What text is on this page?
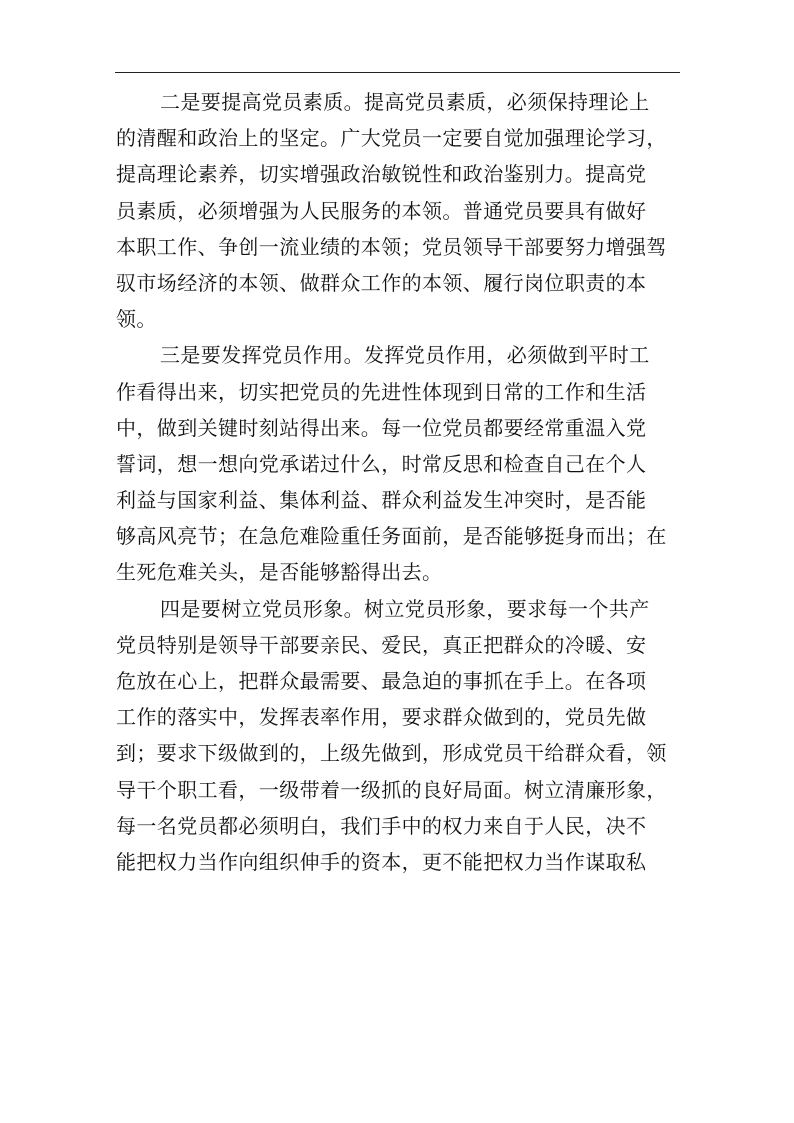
二是要提高党员素质。提高党员素质，必须保持理论上
的清醒和政治上的坚定。广大党员一定要自觉加强理论学习，
提高理论素养，切实增强政治敏锐性和政治鉴别力。提高党
员素质，必须增强为人民服务的本领。普通党员要具有做好
本职工作、争创一流业绩的本领；党员领导干部要努力增强驾
驭市场经济的本领、做群众工作的本领、履行岗位职责的本
领。
三是要发挥党员作用。发挥党员作用，必须做到平时工
作看得出来，切实把党员的先进性体现到日常的工作和生活
中，做到关键时刻站得出来。每一位党员都要经常重温入党
誓词，想一想向党承诺过什么，时常反思和检查自己在个人
利益与国家利益、集体利益、群众利益发生冲突时，是否能
够高风亮节；在急危难险重任务面前，是否能够挺身而出；在
生死危难关头，是否能够豁得出去。
四是要树立党员形象。树立党员形象，要求每一个共产
党员特别是领导干部要亲民、爱民，真正把群众的冷暖、安
危放在心上，把群众最需要、最急迫的事抓在手上。在各项
工作的落实中，发挥表率作用，要求群众做到的，党员先做
到；要求下级做到的，上级先做到，形成党员干给群众看，领
导干个职工看，一级带着一级抓的良好局面。树立清廉形象，
每一名党员都必须明白，我们手中的权力来自于人民，决不
能把权力当作向组织伸手的资本，更不能把权力当作谋取私
